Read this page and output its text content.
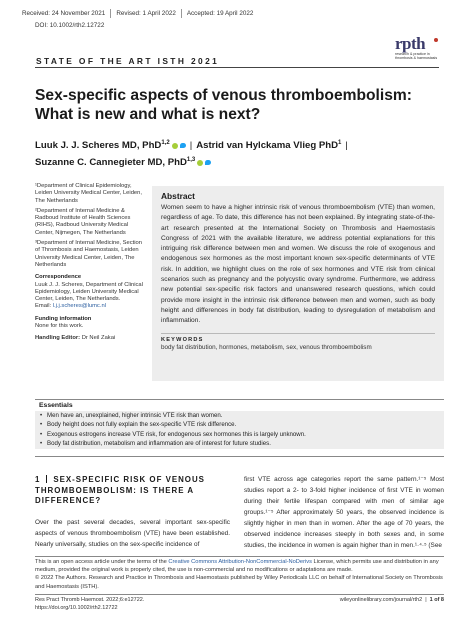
Received: 24 November 2021 Revised: 1 April 2022 Accepted: 19 April 2022
DOI: 10.1002/rth2.12722
STATE OF THE ART ISTH 2021
rpth
research & practice in thrombosis & haemostasis
Sex-specific aspects of venous thromboembolism: What is new and what is next?
Luuk J. J. Scheres MD, PhD$^{1,2}$ | Astrid van Hylckama Vlieg PhD$^1$ |
Suzanne C. Cannegieter MD, PhD$^{1,3}$
¹Department of Clinical Epidemiology, Leiden University Medical Center, Leiden, The Netherlands
²Department of Internal Medicine & Radboud Institute of Health Sciences (RIHS), Radboud University Medical Center, Nijmegen, The Netherlands
³Department of Internal Medicine, Section of Thrombosis and Haemostasis, Leiden University Medical Center, Leiden, The Netherlands
Correspondence
Luuk J. J. Scheres, Department of Clinical Epidemiology, Leiden University Medical Center, Leiden, The Netherlands.
Email: l.j.j.scheres@lumc.nl
Funding information
None for this work.
Handling Editor: Dr Neil Zakai
Abstract
Women seem to have a higher intrinsic risk of venous thromboembolism (VTE) than women, regardless of age. To date, this difference has not been explained. By integrating state-of-the-art research presented at the International Society on Thrombosis and Haemostasis Congress of 2021 with the available literature, we address potential explanations for this intriguing risk difference between men and women. We discuss the role of exogenous and endogenous sex hormones as the most important known sex-specific determinants of VTE risk. In addition, we highlight clues on the role of sex hormones and VTE risk from clinical scenarios such as pregnancy and the polycystic ovary syndrome. Furthermore, we address new potential sex-specific risk factors and unanswered research questions, which could provide more insight in the intrinsic risk difference between men and women, such as body height and differences in body fat distribution, leading to dysregulation of metabolism and inflammation.
KEYWORDS
body fat distribution, hormones, metabolism, sex, venous thromboembolism
Essentials
• Men have an, unexplained, higher intrinsic VTE risk than women.
• Body height does not fully explain the sex-specific VTE risk difference.
• Exogenous estrogens increase VTE risk, for endogenous sex hormones this is largely unknown.
• Body fat distribution, metabolism and inflammation are of interest for future studies.
1 SEX-SPECIFIC RISK OF VENOUS THROMBOEMBOLISM: IS THERE A DIFFERENCE?

Over the past several decades, several important sex-specific aspects of venous thromboembolism (VTE) have been established. Nearly universally, studies on the sex-specific incidence of

first VTE across age categories report the same pattern.¹⁻⁵ Most studies report a 2- to 3-fold higher incidence of first VTE in women during their fertile lifespan compared with men of similar age groups.¹⁻⁵ After approximately 50 years, the observed incidence is slightly higher in men than in women. After the age of 70 years, the observed incidence increases steeply in both sexes and, in some studies, the incidence in women is again higher than in men.¹·⁴·⁵ (See

This is an open access article under the terms of the Creative Commons Attribution-NonCommercial-NoDerivs License, which permits use and distribution in any medium, provided the original work is properly cited, the use is non-commercial and no modifications or adaptations are made.
© 2022 The Authors. Research and Practice in Thrombosis and Haemostasis published by Wiley Periodicals LLC on behalf of International Society on Thrombosis and Haemostasis (ISTH).
Res Pract Thromb Haemost. 2022;6:e12722.
https://doi.org/10.1002/rth2.12722
wileyonlinelibrary.com/journal/rth2 | 1 of 8
